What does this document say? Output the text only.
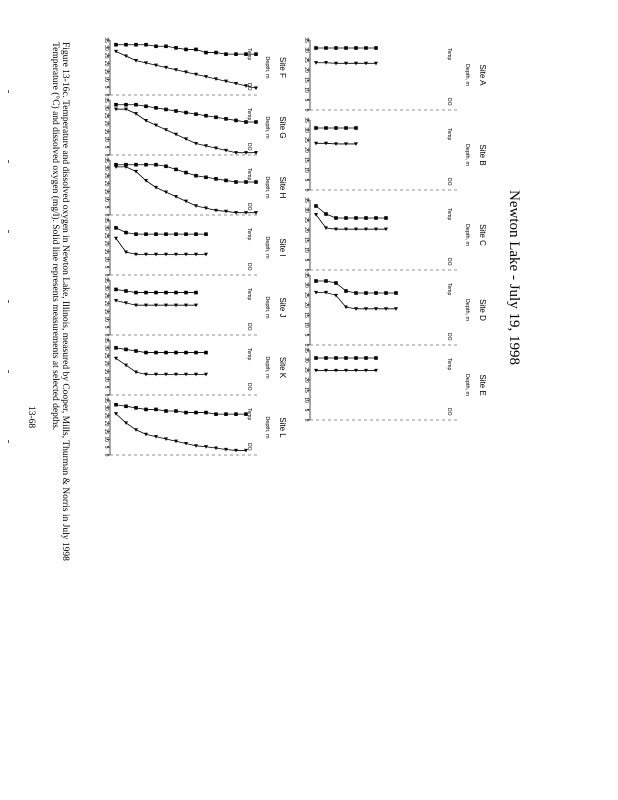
Newton Lake - July 19, 1998
Figure 13-16c. Temperature and dissolved oxygen in Newton Lake, Illinois, measured by Cooper, Mills, Thurman & Norris in July 1998
Temperature (°C) and dissolved oxygen (mg/l). Solid line represents measurements at selected depths.
13-68
0
5
10
15
20
25
30
35
Depth, m Site A
Temp
DO
0
5
10
15
20
25
30
35
Depth, m Site B
Temp
DO
0
5
10
15
20
25
30
35
Depth, m Site C
Temp
DO
0
5
10
15
20
25
30
35
Depth, m Site D
Temp
DO
0
5
10
15
20
25
30
35
Depth, m Site E
Temp
DO
0
5
10
15
20
25
30
35
Depth, m Site F
Temp
DO
0
5
10
15
20
25
30
35
Depth, m Site G
Temp
DO
0
5
10
15
20
25
30
35
Depth, m Site H
Temp
DO
0
5
10
15
20
25
30
35
Depth, m Site I
Temp
DO
0
5
10
15
20
25
30
35
Depth, m Site J
Temp
DO
0
5
10
15
20
25
30
35
Depth, m Site K
Temp
DO
0
5
10
15
20
25
30
35
Depth, m Site L
Temp
DO
